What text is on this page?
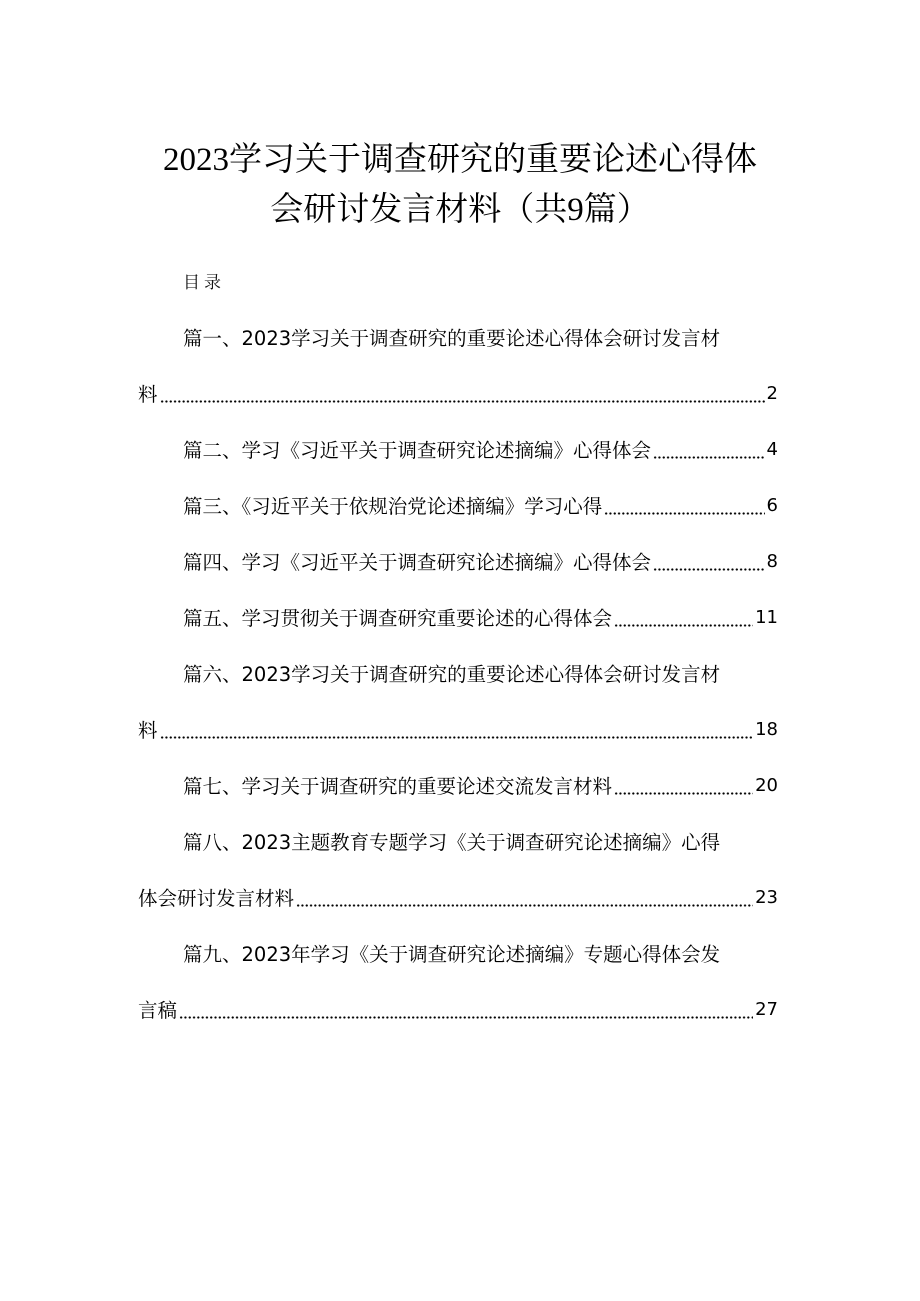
2023学习关于调查研究的重要论述心得体
会研讨发言材料（共9篇）
目录
篇一、2023学习关于调查研究的重要论述心得体会研讨发言材
料	2
篇二、学习《习近平关于调查研究论述摘编》心得体会	4
篇三、《习近平关于依规治党论述摘编》学习心得	6
篇四、学习《习近平关于调查研究论述摘编》心得体会	8
篇五、学习贯彻关于调查研究重要论述的心得体会	11
篇六、2023学习关于调查研究的重要论述心得体会研讨发言材
料	18
篇七、学习关于调查研究的重要论述交流发言材料	20
篇八、2023主题教育专题学习《关于调查研究论述摘编》心得
体会研讨发言材料	23
篇九、2023年学习《关于调查研究论述摘编》专题心得体会发
言稿	27
